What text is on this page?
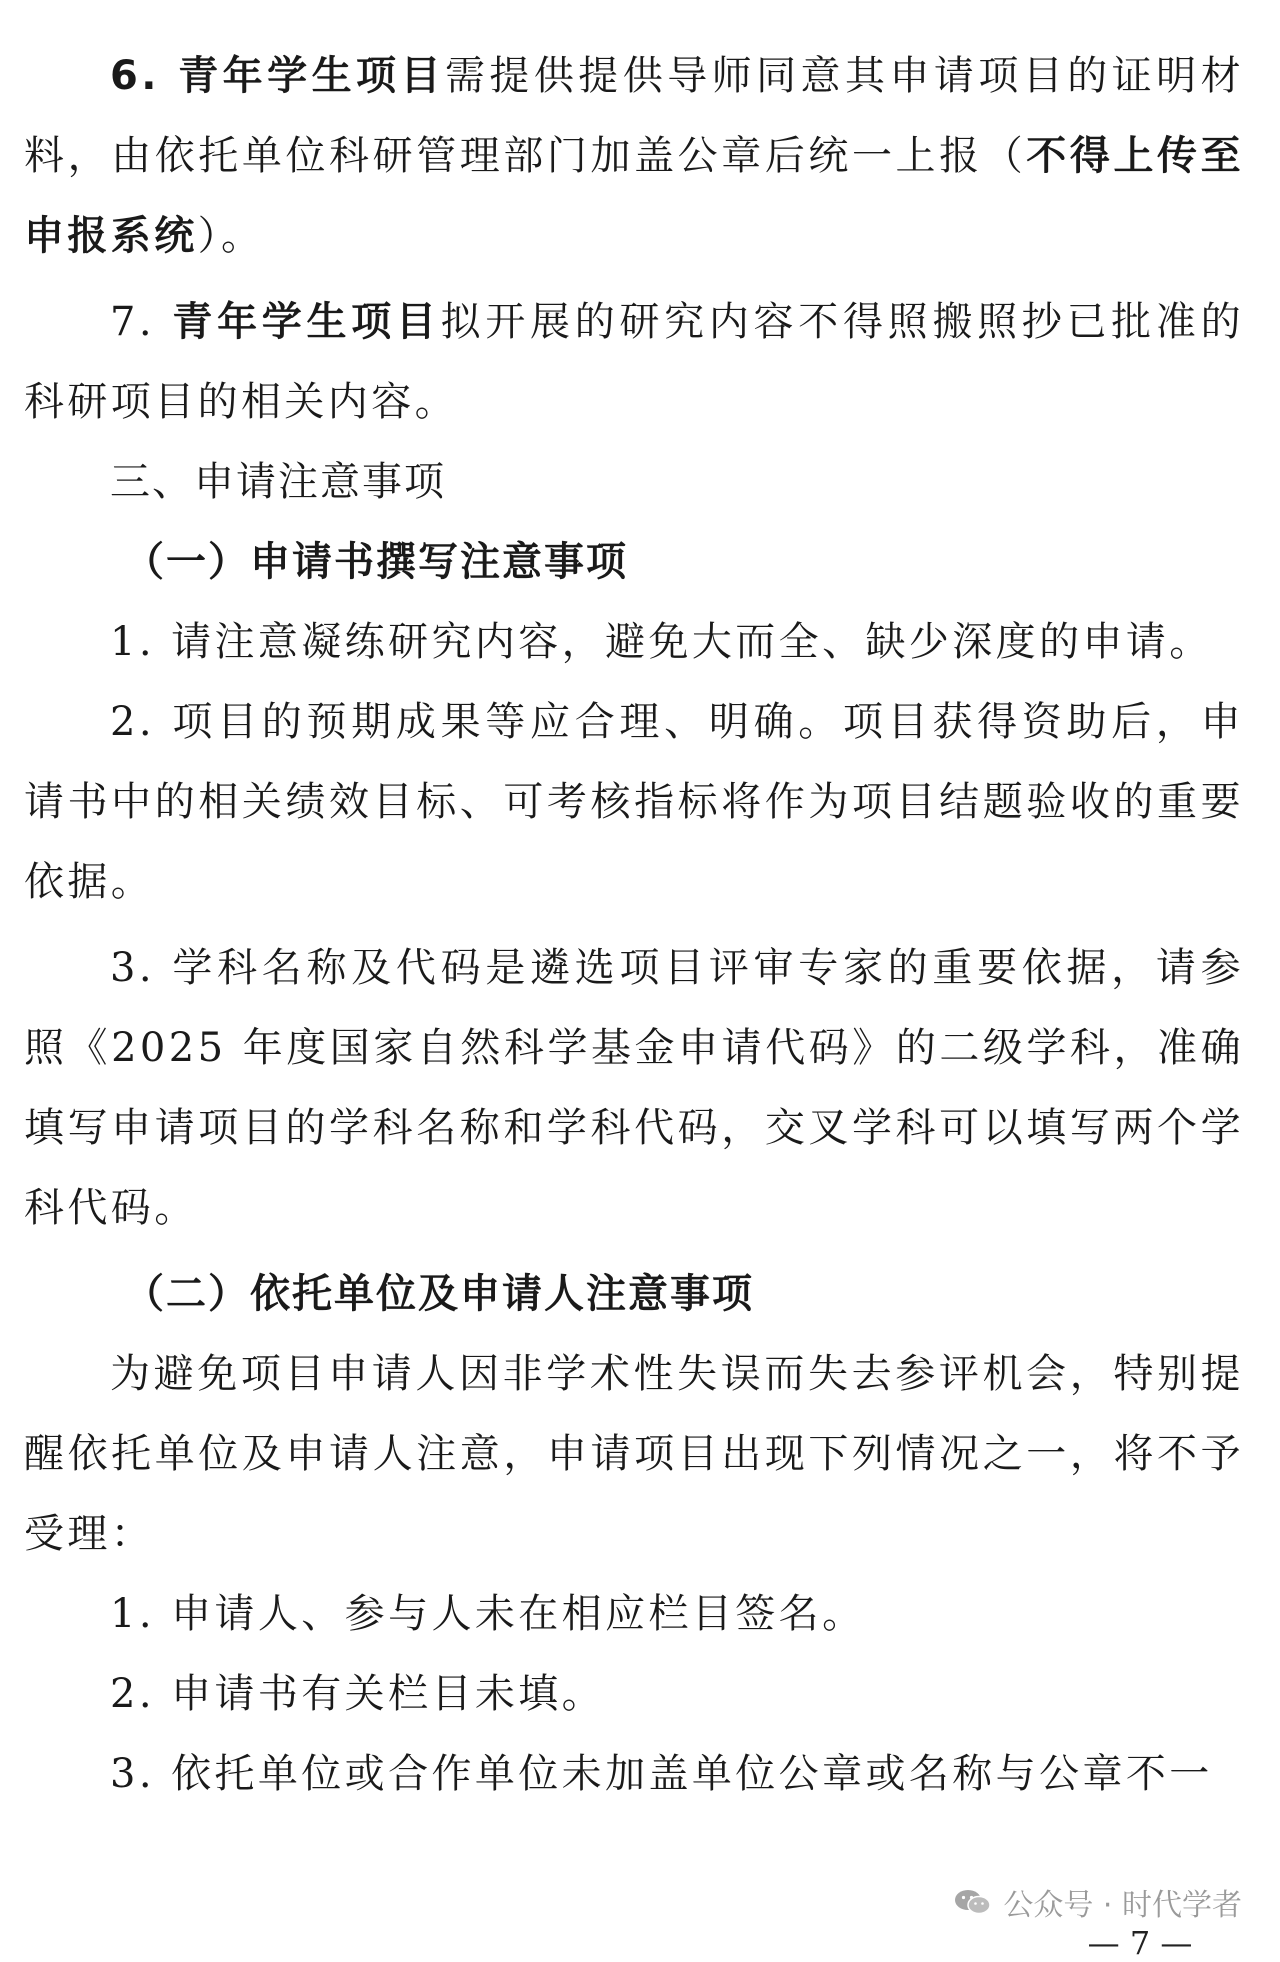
6. 青年学生项目需提供提供导师同意其申请项目的证明材料，由依托单位科研管理部门加盖公章后统一上报（不得上传至申报系统）。

7. 青年学生项目拟开展的研究内容不得照搬照抄已批准的科研项目的相关内容。

三、申请注意事项

（一）申请书撰写注意事项

1. 请注意凝练研究内容，避免大而全、缺少深度的申请。

2. 项目的预期成果等应合理、明确。项目获得资助后，申请书中的相关绩效目标、可考核指标将作为项目结题验收的重要依据。

3. 学科名称及代码是遴选项目评审专家的重要依据，请参照《2025 年度国家自然科学基金申请代码》的二级学科，准确填写申请项目的学科名称和学科代码，交叉学科可以填写两个学科代码。

（二）依托单位及申请人注意事项

为避免项目申请人因非学术性失误而失去参评机会，特别提醒依托单位及申请人注意，申请项目出现下列情况之一，将不予受理：

1. 申请人、参与人未在相应栏目签名。

2. 申请书有关栏目未填。

3. 依托单位或合作单位未加盖单位公章或名称与公章不一

公众号 · 时代学者
— 7 —
